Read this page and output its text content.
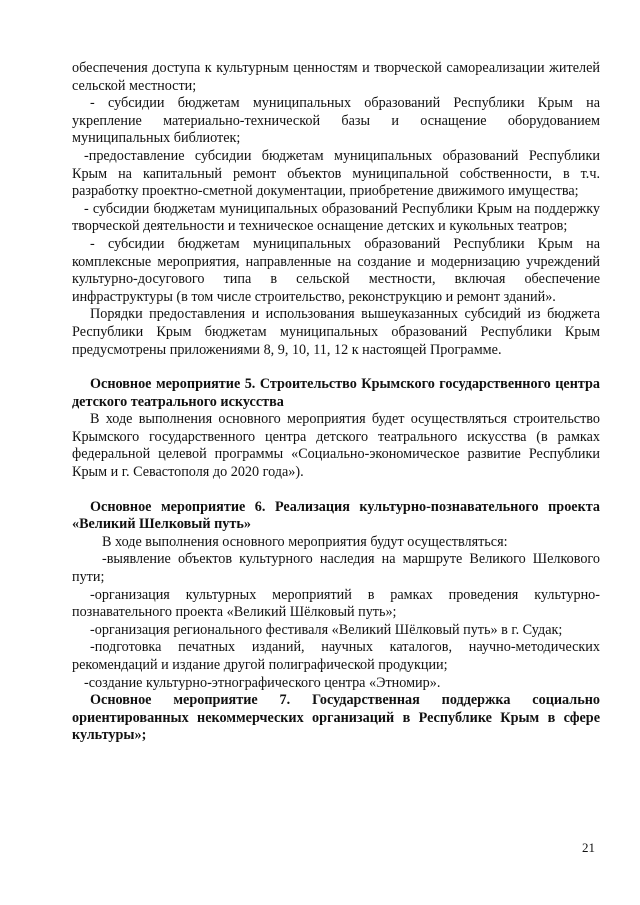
обеспечения доступа к культурным ценностям и творческой самореализации жителей сельской местности;

- субсидии бюджетам муниципальных образований Республики Крым на укрепление материально-технической базы и оснащение оборудованием муниципальных библиотек;

-предоставление субсидии бюджетам муниципальных образований Республики Крым на капитальный ремонт объектов муниципальной собственности, в т.ч. разработку проектно-сметной документации, приобретение движимого имущества;

- субсидии бюджетам муниципальных образований Республики Крым на поддержку творческой деятельности и техническое оснащение детских и кукольных театров;

- субсидии бюджетам муниципальных образований Республики Крым на комплексные мероприятия, направленные на создание и модернизацию учреждений культурно-досугового типа в сельской местности, включая обеспечение инфраструктуры (в том числе строительство, реконструкцию и ремонт зданий».

Порядки предоставления и использования вышеуказанных субсидий из бюджета Республики Крым бюджетам муниципальных образований Республики Крым предусмотрены приложениями 8, 9, 10, 11, 12 к настоящей Программе.

Основное мероприятие 5. Строительство Крымского государственного центра детского театрального искусства

В ходе выполнения основного мероприятия будет осуществляться строительство Крымского государственного центра детского театрального искусства (в рамках федеральной целевой программы «Социально-экономическое развитие Республики Крым и г. Севастополя до 2020 года»).

Основное мероприятие 6. Реализация культурно-познавательного проекта «Великий Шелковый путь»

В ходе выполнения основного мероприятия будут осуществляться:

-выявление объектов культурного наследия на маршруте Великого Шелкового пути;

-организация культурных мероприятий в рамках проведения культурно-познавательного проекта «Великий Шёлковый путь»;

-организация регионального фестиваля «Великий Шёлковый путь» в г. Судак;

-подготовка печатных изданий, научных каталогов, научно-методических рекомендаций и издание другой полиграфической продукции;

-создание культурно-этнографического центра «Этномир».

Основное мероприятие 7. Государственная поддержка социально ориентированных некоммерческих организаций в Республике Крым в сфере культуры»;

21
